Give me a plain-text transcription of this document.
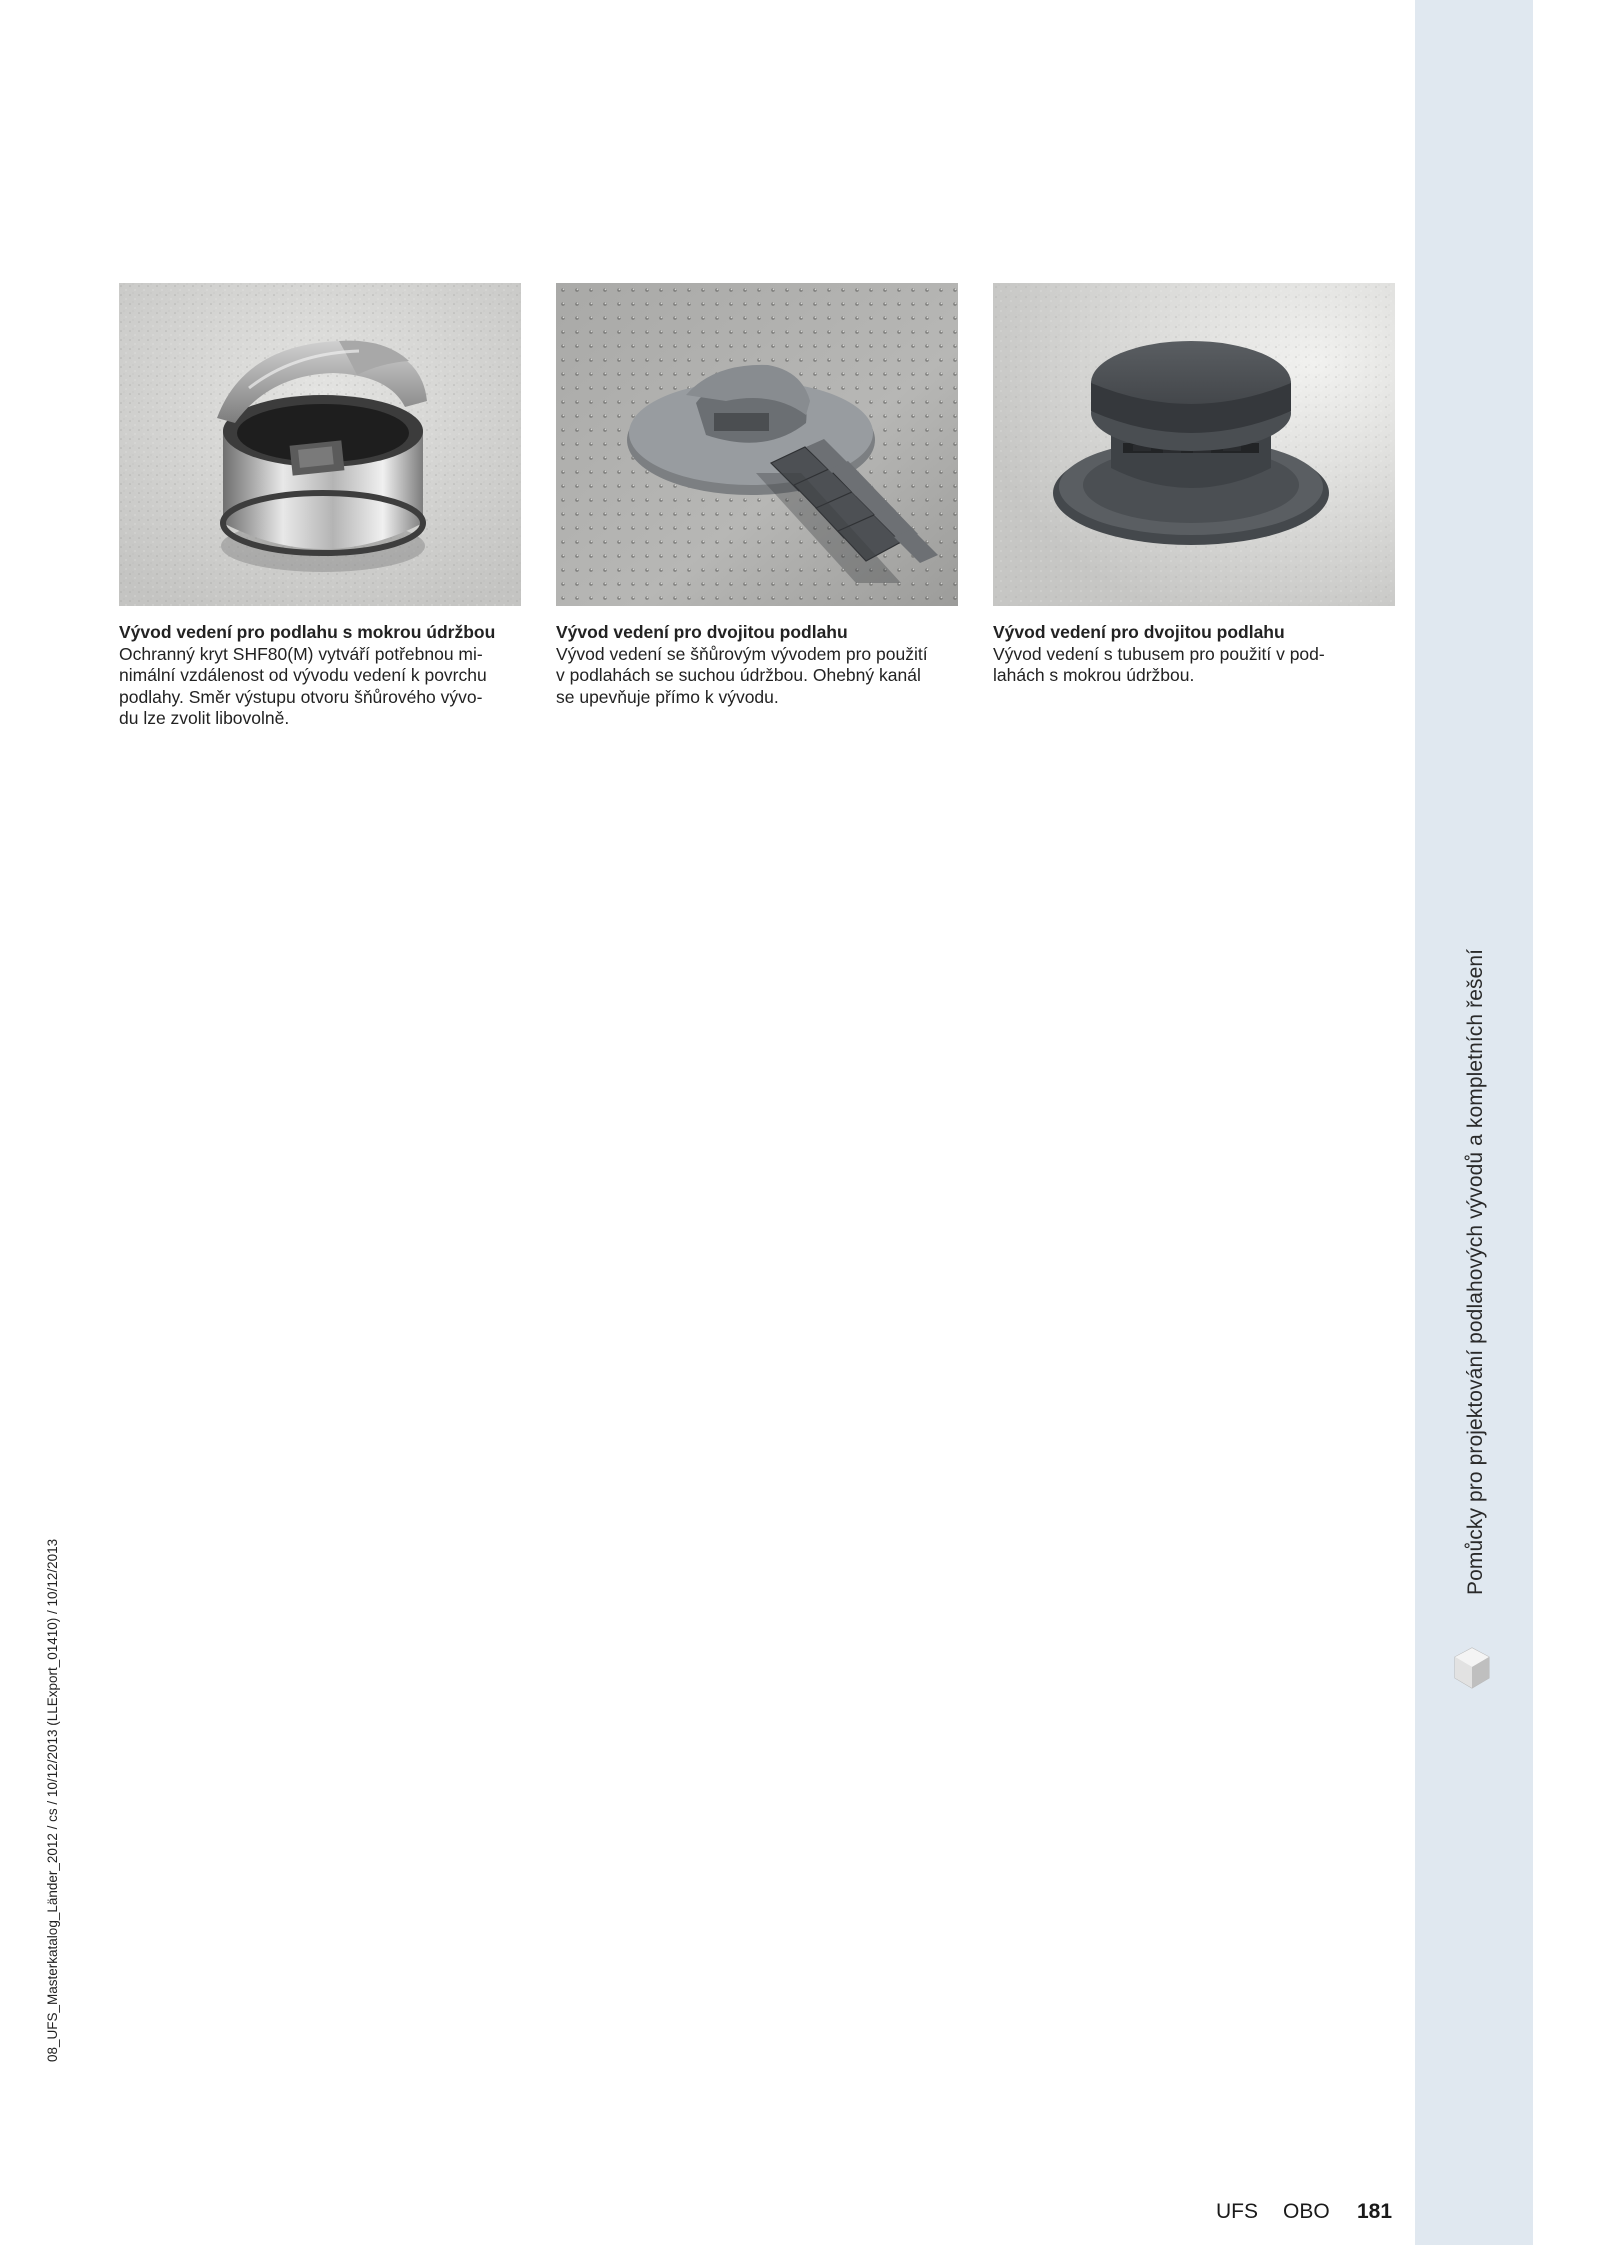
Pomůcky pro projektování podlahových vývodů a kompletních řešení
08_UFS_Masterkatalog_Länder_2012 / cs / 10/12/2013 (LLExport_01410) / 10/12/2013
Vývod vedení pro podlahu s mokrou údržbou
Ochranný kryt SHF80(M) vytváří potřebnou mi-
nimální vzdálenost od vývodu vedení k povrchu
podlahy. Směr výstupu otvoru šňůrového vývo-
du lze zvolit libovolně.
Vývod vedení pro dvojitou podlahu
Vývod vedení se šňůrovým vývodem pro použití
v podlahách se suchou údržbou. Ohebný kanál
se upevňuje přímo k vývodu.
Vývod vedení pro dvojitou podlahu
Vývod vedení s tubusem pro použití v pod-
lahách s mokrou údržbou.
UFS OBO 181
